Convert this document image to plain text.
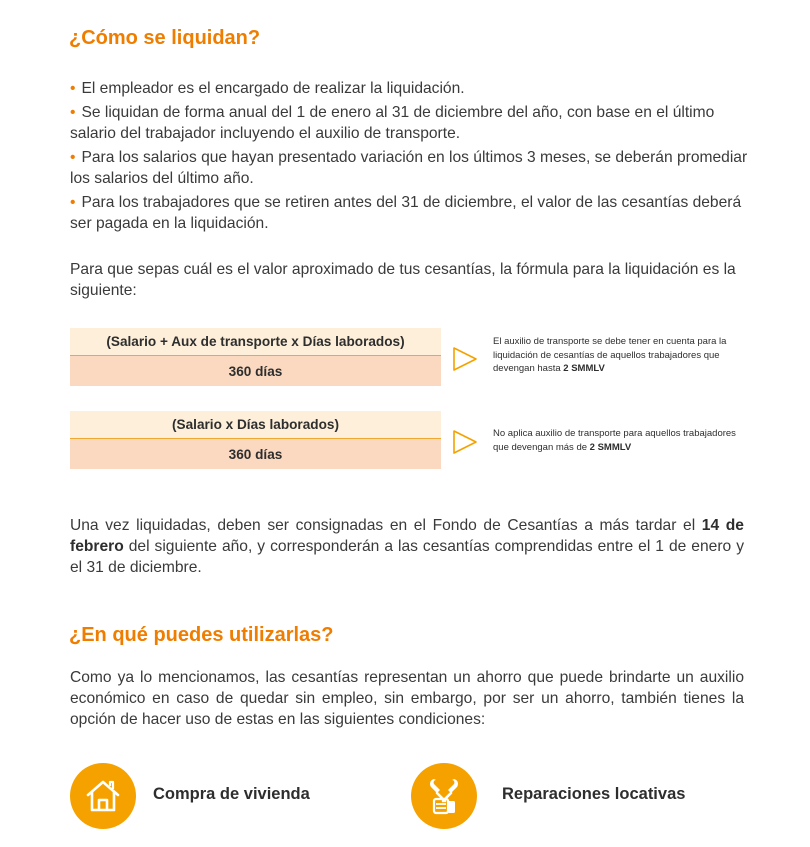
¿Cómo se liquidan?
• El empleador es el encargado de realizar la liquidación.
• Se liquidan de forma anual del 1 de enero al 31 de diciembre del año, con base en el último salario del trabajador incluyendo el auxilio de transporte.
• Para los salarios que hayan presentado variación en los últimos 3 meses, se deberán promediar los salarios del último año.
• Para los trabajadores que se retiren antes del 31 de diciembre, el valor de las cesantías deberá ser pagada en la liquidación.

Para que sepas cuál es el valor aproximado de tus cesantías, la fórmula para la liquidación es la siguiente:

(Salario + Aux de transporte x Días laborados)
360 días

El auxilio de transporte se debe tener en cuenta para la liquidación de cesantías de aquellos trabajadores que devengan hasta 2 SMMLV

(Salario x Días laborados)
360 días

No aplica auxilio de transporte para aquellos trabajadores que devengan más de 2 SMMLV

Una vez liquidadas, deben ser consignadas en el Fondo de Cesantías a más tardar el 14 de febrero del siguiente año, y corresponderán a las cesantías comprendidas entre el 1 de enero y el 31 de diciembre.

¿En qué puedes utilizarlas?

Como ya lo mencionamos, las cesantías representan un ahorro que puede brindarte un auxilio económico en caso de quedar sin empleo, sin embargo, por ser un ahorro, también tienes la opción de hacer uso de estas en las siguientes condiciones:

Compra de vivienda	Reparaciones locativas
